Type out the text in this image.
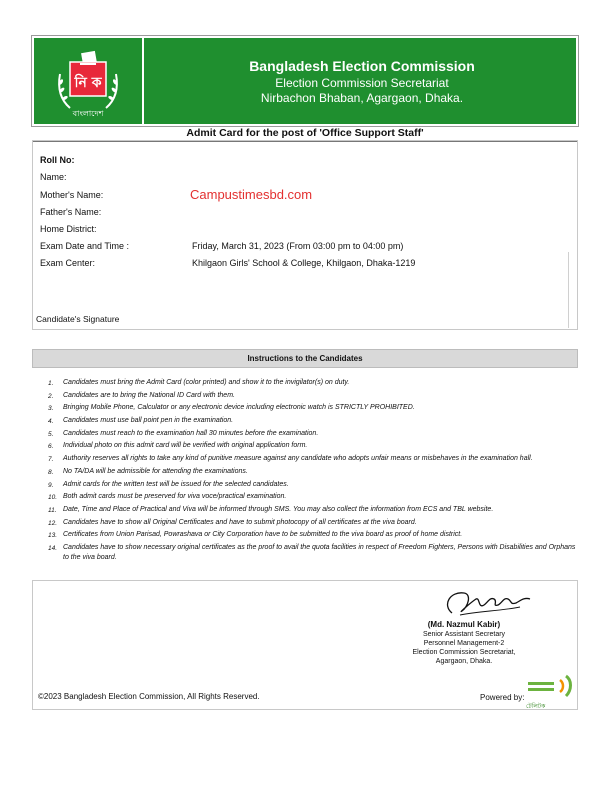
নি ক
বাংলাদেশ
Bangladesh Election Commission
Election Commission Secretariat
Nirbachon Bhaban, Agargaon, Dhaka.
Admit Card for the post of 'Office Support Staff'
Roll No:
Name:
Mother's Name:
Father's Name:
Home District:
Exam Date and Time :	Friday, March 31, 2023 (From 03:00 pm to 04:00 pm)
Exam Center:	Khilgaon Girls' School & College, Khilgaon, Dhaka-1219
Campustimesbd.com
Candidate's Signature
Instructions to the Candidates
1. Candidates must bring the Admit Card (color printed) and show it to the invigilator(s) on duty.
2. Candidates are to bring the National ID Card with them.
3. Bringing Mobile Phone, Calculator or any electronic device including electronic watch is STRICTLY PROHIBITED.
4. Candidates must use ball point pen in the examination.
5. Candidates must reach to the examination hall 30 minutes before the examination.
6. Individual photo on this admit card will be verified with original application form.
7. Authority reserves all rights to take any kind of punitive measure against any candidate who adopts unfair means or misbehaves in the examination hall.
8. No TA/DA will be admissible for attending the examinations.
9. Admit cards for the written test will be issued for the selected candidates.
10. Both admit cards must be preserved for viva voce/practical examination.
11. Date, Time and Place of Practical and Viva will be informed through SMS. You may also collect the information from ECS and TBL website.
12. Candidates have to show all Original Certificates and have to submit photocopy of all certificates at the viva board.
13. Certificates from Union Parisad, Powrashava or City Corporation have to be submitted to the viva board as proof of home district.
14. Candidates have to show necessary original certificates as the proof to avail the quota facilities in respect of Freedom Fighters, Persons with Disabilities and Orphans to the viva board.
(Md. Nazmul Kabir)
Senior Assistant Secretary
Personnel Management-2
Election Commission Secretariat,
Agargaon, Dhaka.
©2023 Bangladesh Election Commission, All Rights Reserved.	Powered by:
টেলিটক
